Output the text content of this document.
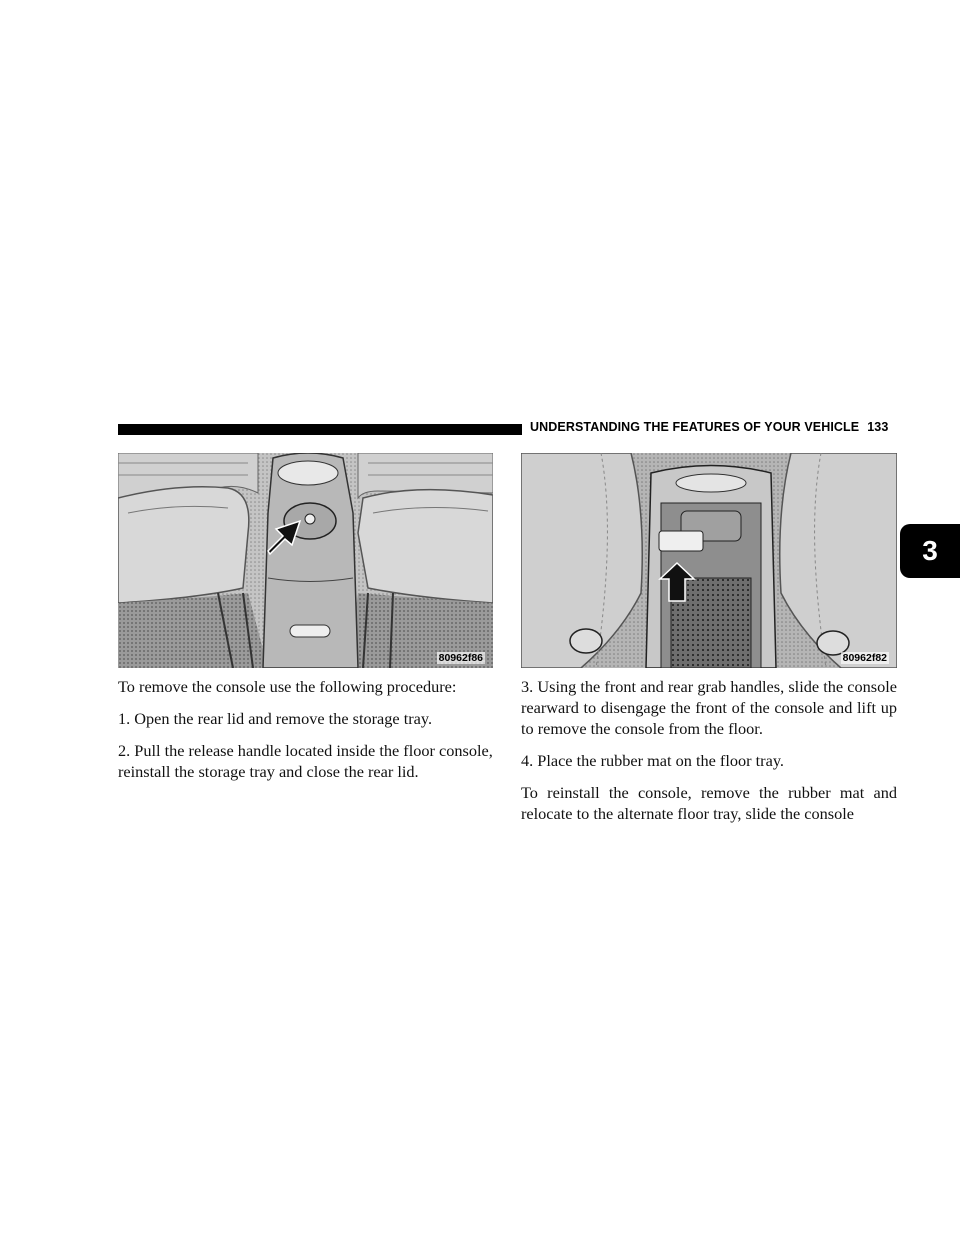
UNDERSTANDING THE FEATURES OF YOUR VEHICLE 133
3
80962f86	80962f82

To remove the console use the following procedure:

1. Open the rear lid and remove the storage tray.

2. Pull the release handle located inside the floor console, reinstall the storage tray and close the rear lid.

3. Using the front and rear grab handles, slide the console rearward to disengage the front of the console and lift up to remove the console from the floor.

4. Place the rubber mat on the floor tray.

To reinstall the console, remove the rubber mat and relocate to the alternate floor tray, slide the console
